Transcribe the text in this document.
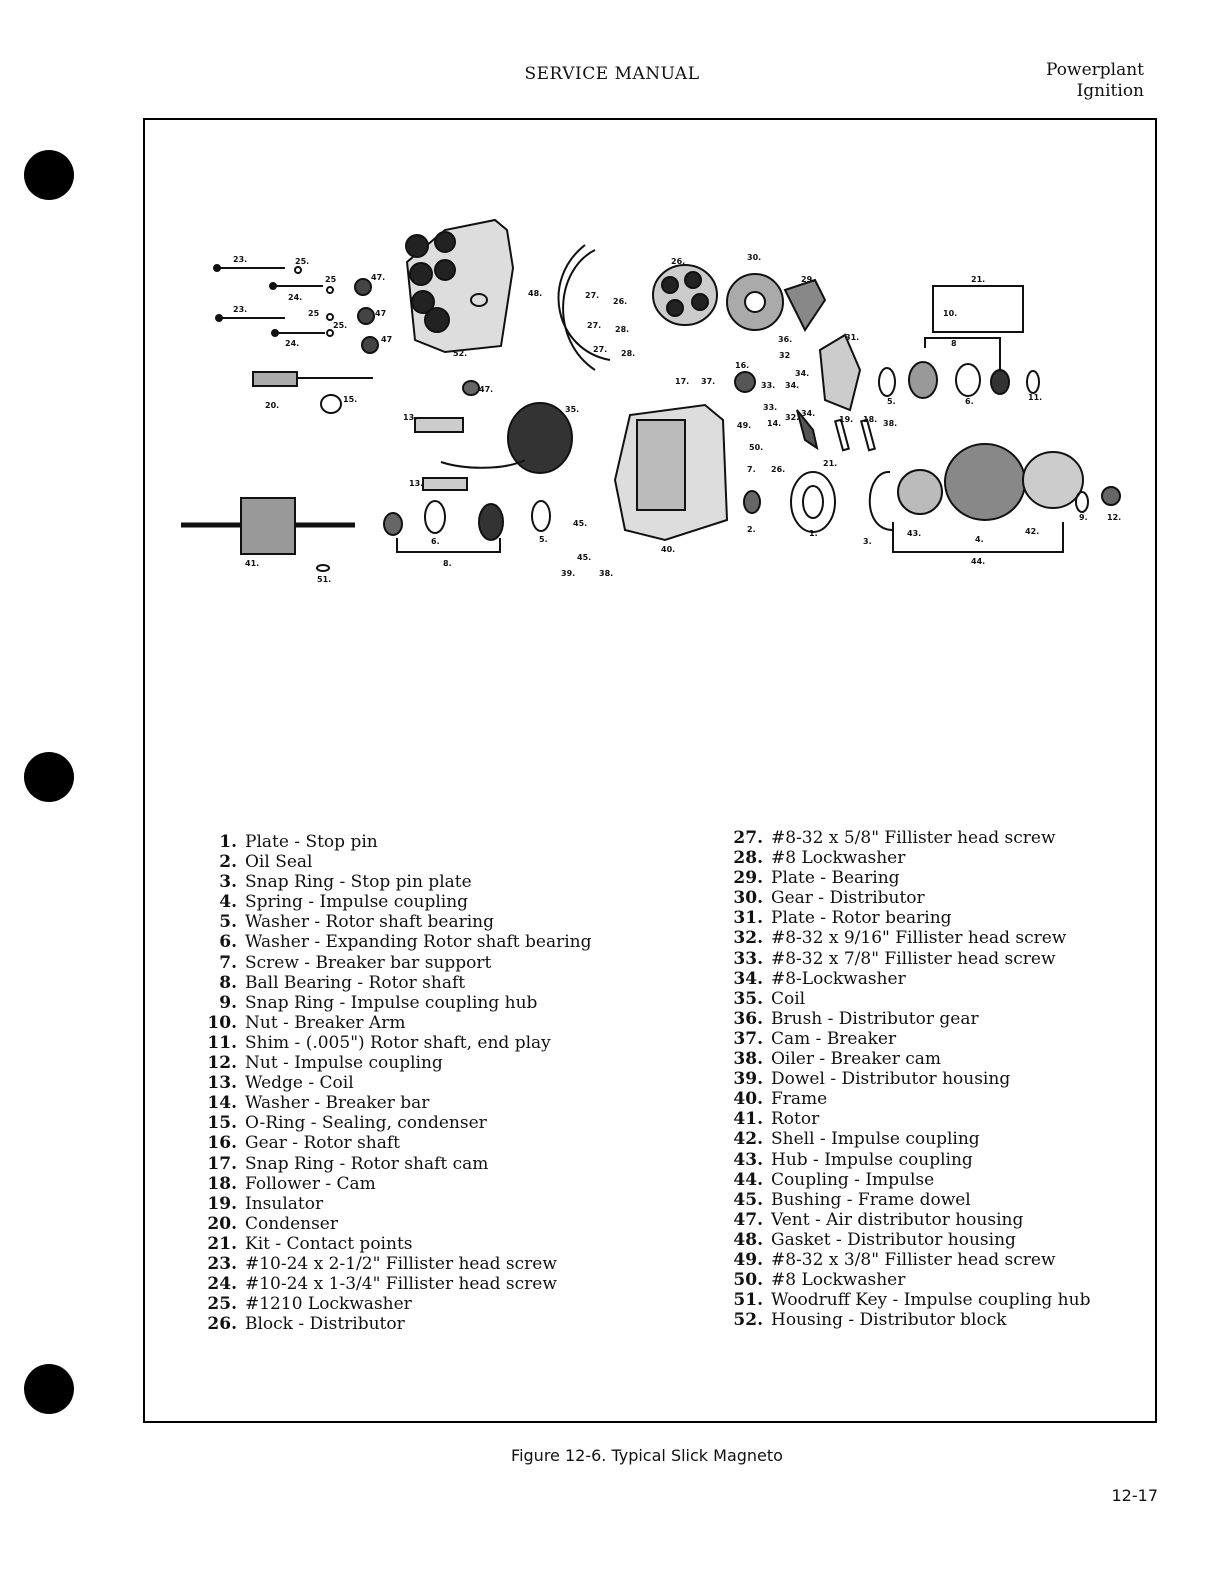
SERVICE MANUAL	Powerplant
Ignition
23.	25.
25
24.
47.
23.	25
25.
47
24.	47
52.
48.	27.
26.
27. 28.
27. 28.
26.	30.
29.	21.
10.
8
36.
32
31.
17. 37.
16.
33.
34.
33.
34.
5.	6.	11.
20.
15.
47.
13.
35.
13.
49. 14.
32. 34.
19. 18. 38.
50.
7. 26.
21.
41.
6.	5.
45.
40.
2.	1.
3.
43.
4.
42.
9. 12.
44.
51.
8.
45.
39.	38.
1. Plate - Stop pin
2. Oil Seal
3. Snap Ring - Stop pin plate
4. Spring - Impulse coupling
5. Washer - Rotor shaft bearing
6. Washer - Expanding Rotor shaft bearing
7. Screw - Breaker bar support
8. Ball Bearing - Rotor shaft
9. Snap Ring - Impulse coupling hub
10. Nut - Breaker Arm
11. Shim - (.005") Rotor shaft, end play
12. Nut - Impulse coupling
13. Wedge - Coil
14. Washer - Breaker bar
15. O-Ring - Sealing, condenser
16. Gear - Rotor shaft
17. Snap Ring - Rotor shaft cam
18. Follower - Cam
19. Insulator
20. Condenser
21. Kit - Contact points
23. #10-24 x 2-1/2" Fillister head screw
24. #10-24 x 1-3/4" Fillister head screw
25. #1210 Lockwasher
26. Block - Distributor
27. #8-32 x 5/8" Fillister head screw
28. #8 Lockwasher
29. Plate - Bearing
30. Gear - Distributor
31. Plate - Rotor bearing
32. #8-32 x 9/16" Fillister head screw
33. #8-32 x 7/8" Fillister head screw
34. #8-Lockwasher
35. Coil
36. Brush - Distributor gear
37. Cam - Breaker
38. Oiler - Breaker cam
39. Dowel - Distributor housing
40. Frame
41. Rotor
42. Shell - Impulse coupling
43. Hub - Impulse coupling
44. Coupling - Impulse
45. Bushing - Frame dowel
47. Vent - Air distributor housing
48. Gasket - Distributor housing
49. #8-32 x 3/8" Fillister head screw
50. #8 Lockwasher
51. Woodruff Key - Impulse coupling hub
52. Housing - Distributor block
Figure 12-6. Typical Slick Magneto
12-17
